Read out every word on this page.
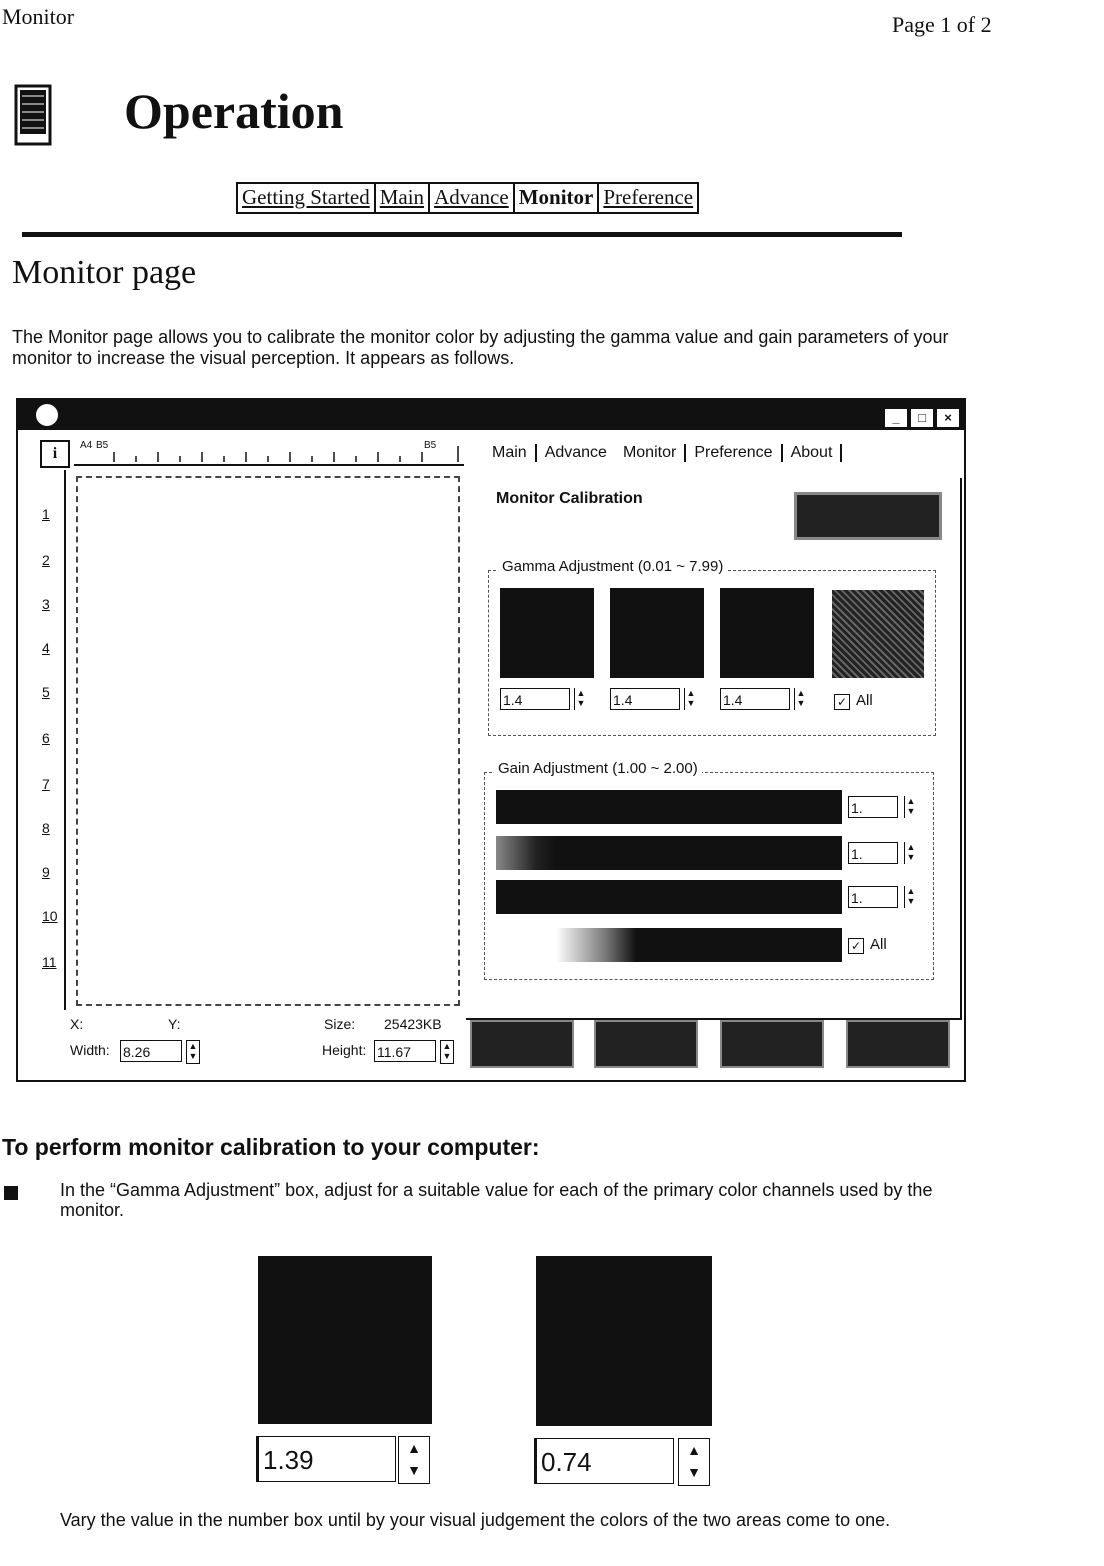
Monitor	Page 1 of 2
Operation
Getting Started Main Advance Monitor Preference
Monitor page
The Monitor page allows you to calibrate the monitor color by adjusting the gamma value and gain parameters of your monitor to increase the visual perception. It appears as follows.
_	□	×
i	A4 B5	B5
1
2
3
4
5
6
7
8
9
10
11
X:	Y:	Size: 25423KB
Width: 8.26	▲
▼	Height: 11.67	▲
▼
Main	Advance	Monitor	Preference	About
Monitor Calibration
Gamma Adjustment (0.01 ~ 7.99)
1.4	▲
▼ 1.4	▲
▼ 1.4	▲
▼	✓ All
Gain Adjustment (1.00 ~ 2.00)
1.	▲
▼
1.	▲
▼
1.	▲
▼
✓ All
To perform monitor calibration to your computer:
In the “Gamma Adjustment” box, adjust for a suitable value for each of the primary color channels used by the monitor.
1.39	▲
▼	0.74	▲
▼
Vary the value in the number box until by your visual judgement the colors of the two areas come to one.
